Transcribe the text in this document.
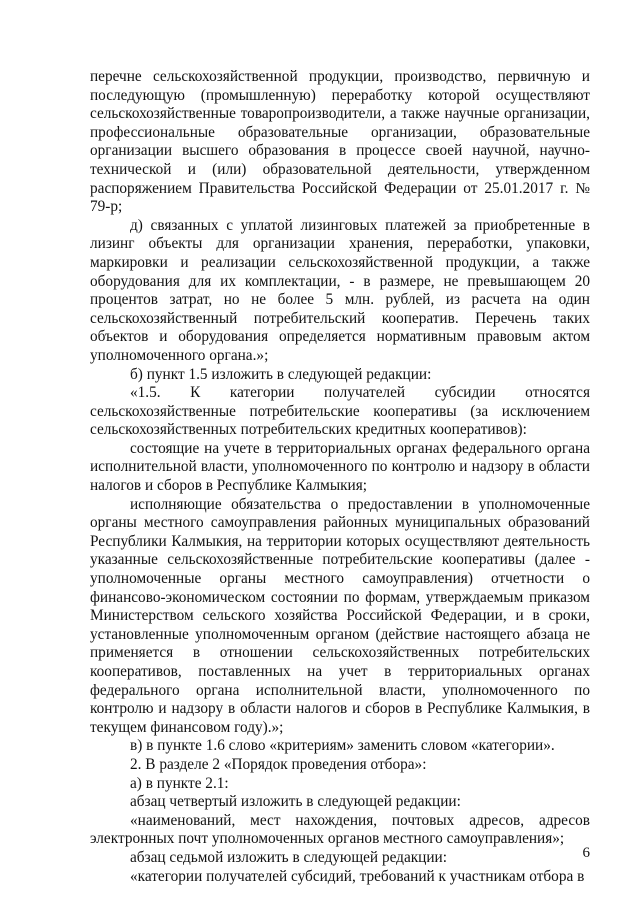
перечне сельскохозяйственной продукции, производство, первичную и последующую (промышленную) переработку которой осуществляют сельскохозяйственные товаропроизводители, а также научные организации, профессиональные образовательные организации, образовательные организации высшего образования в процессе своей научной, научно-технической и (или) образовательной деятельности, утвержденном распоряжением Правительства Российской Федерации от 25.01.2017 г. № 79-р;

д) связанных с уплатой лизинговых платежей за приобретенные в лизинг объекты для организации хранения, переработки, упаковки, маркировки и реализации сельскохозяйственной продукции, а также оборудования для их комплектации, - в размере, не превышающем 20 процентов затрат, но не более 5 млн. рублей, из расчета на один сельскохозяйственный потребительский кооператив. Перечень таких объектов и оборудования определяется нормативным правовым актом уполномоченного органа.»;

б) пункт 1.5 изложить в следующей редакции:

«1.5. К категории получателей субсидии относятся сельскохозяйственные потребительские кооперативы (за исключением сельскохозяйственных потребительских кредитных кооперативов):

состоящие на учете в территориальных органах федерального органа исполнительной власти, уполномоченного по контролю и надзору в области налогов и сборов в Республике Калмыкия;

исполняющие обязательства о предоставлении в уполномоченные органы местного самоуправления районных муниципальных образований Республики Калмыкия, на территории которых осуществляют деятельность указанные сельскохозяйственные потребительские кооперативы (далее - уполномоченные органы местного самоуправления) отчетности о финансово-экономическом состоянии по формам, утверждаемым приказом Министерством сельского хозяйства Российской Федерации, и в сроки, установленные уполномоченным органом (действие настоящего абзаца не применяется в отношении сельскохозяйственных потребительских кооперативов, поставленных на учет в территориальных органах федерального органа исполнительной власти, уполномоченного по контролю и надзору в области налогов и сборов в Республике Калмыкия, в текущем финансовом году).»;

в) в пункте 1.6 слово «критериям» заменить словом «категории».

2. В разделе 2 «Порядок проведения отбора»:

а) в пункте 2.1:

абзац четвертый изложить в следующей редакции:

«наименований, мест нахождения, почтовых адресов, адресов электронных почт уполномоченных органов местного самоуправления»;

абзац седьмой изложить в следующей редакции:

«категории получателей субсидий, требований к участникам отбора в

6
